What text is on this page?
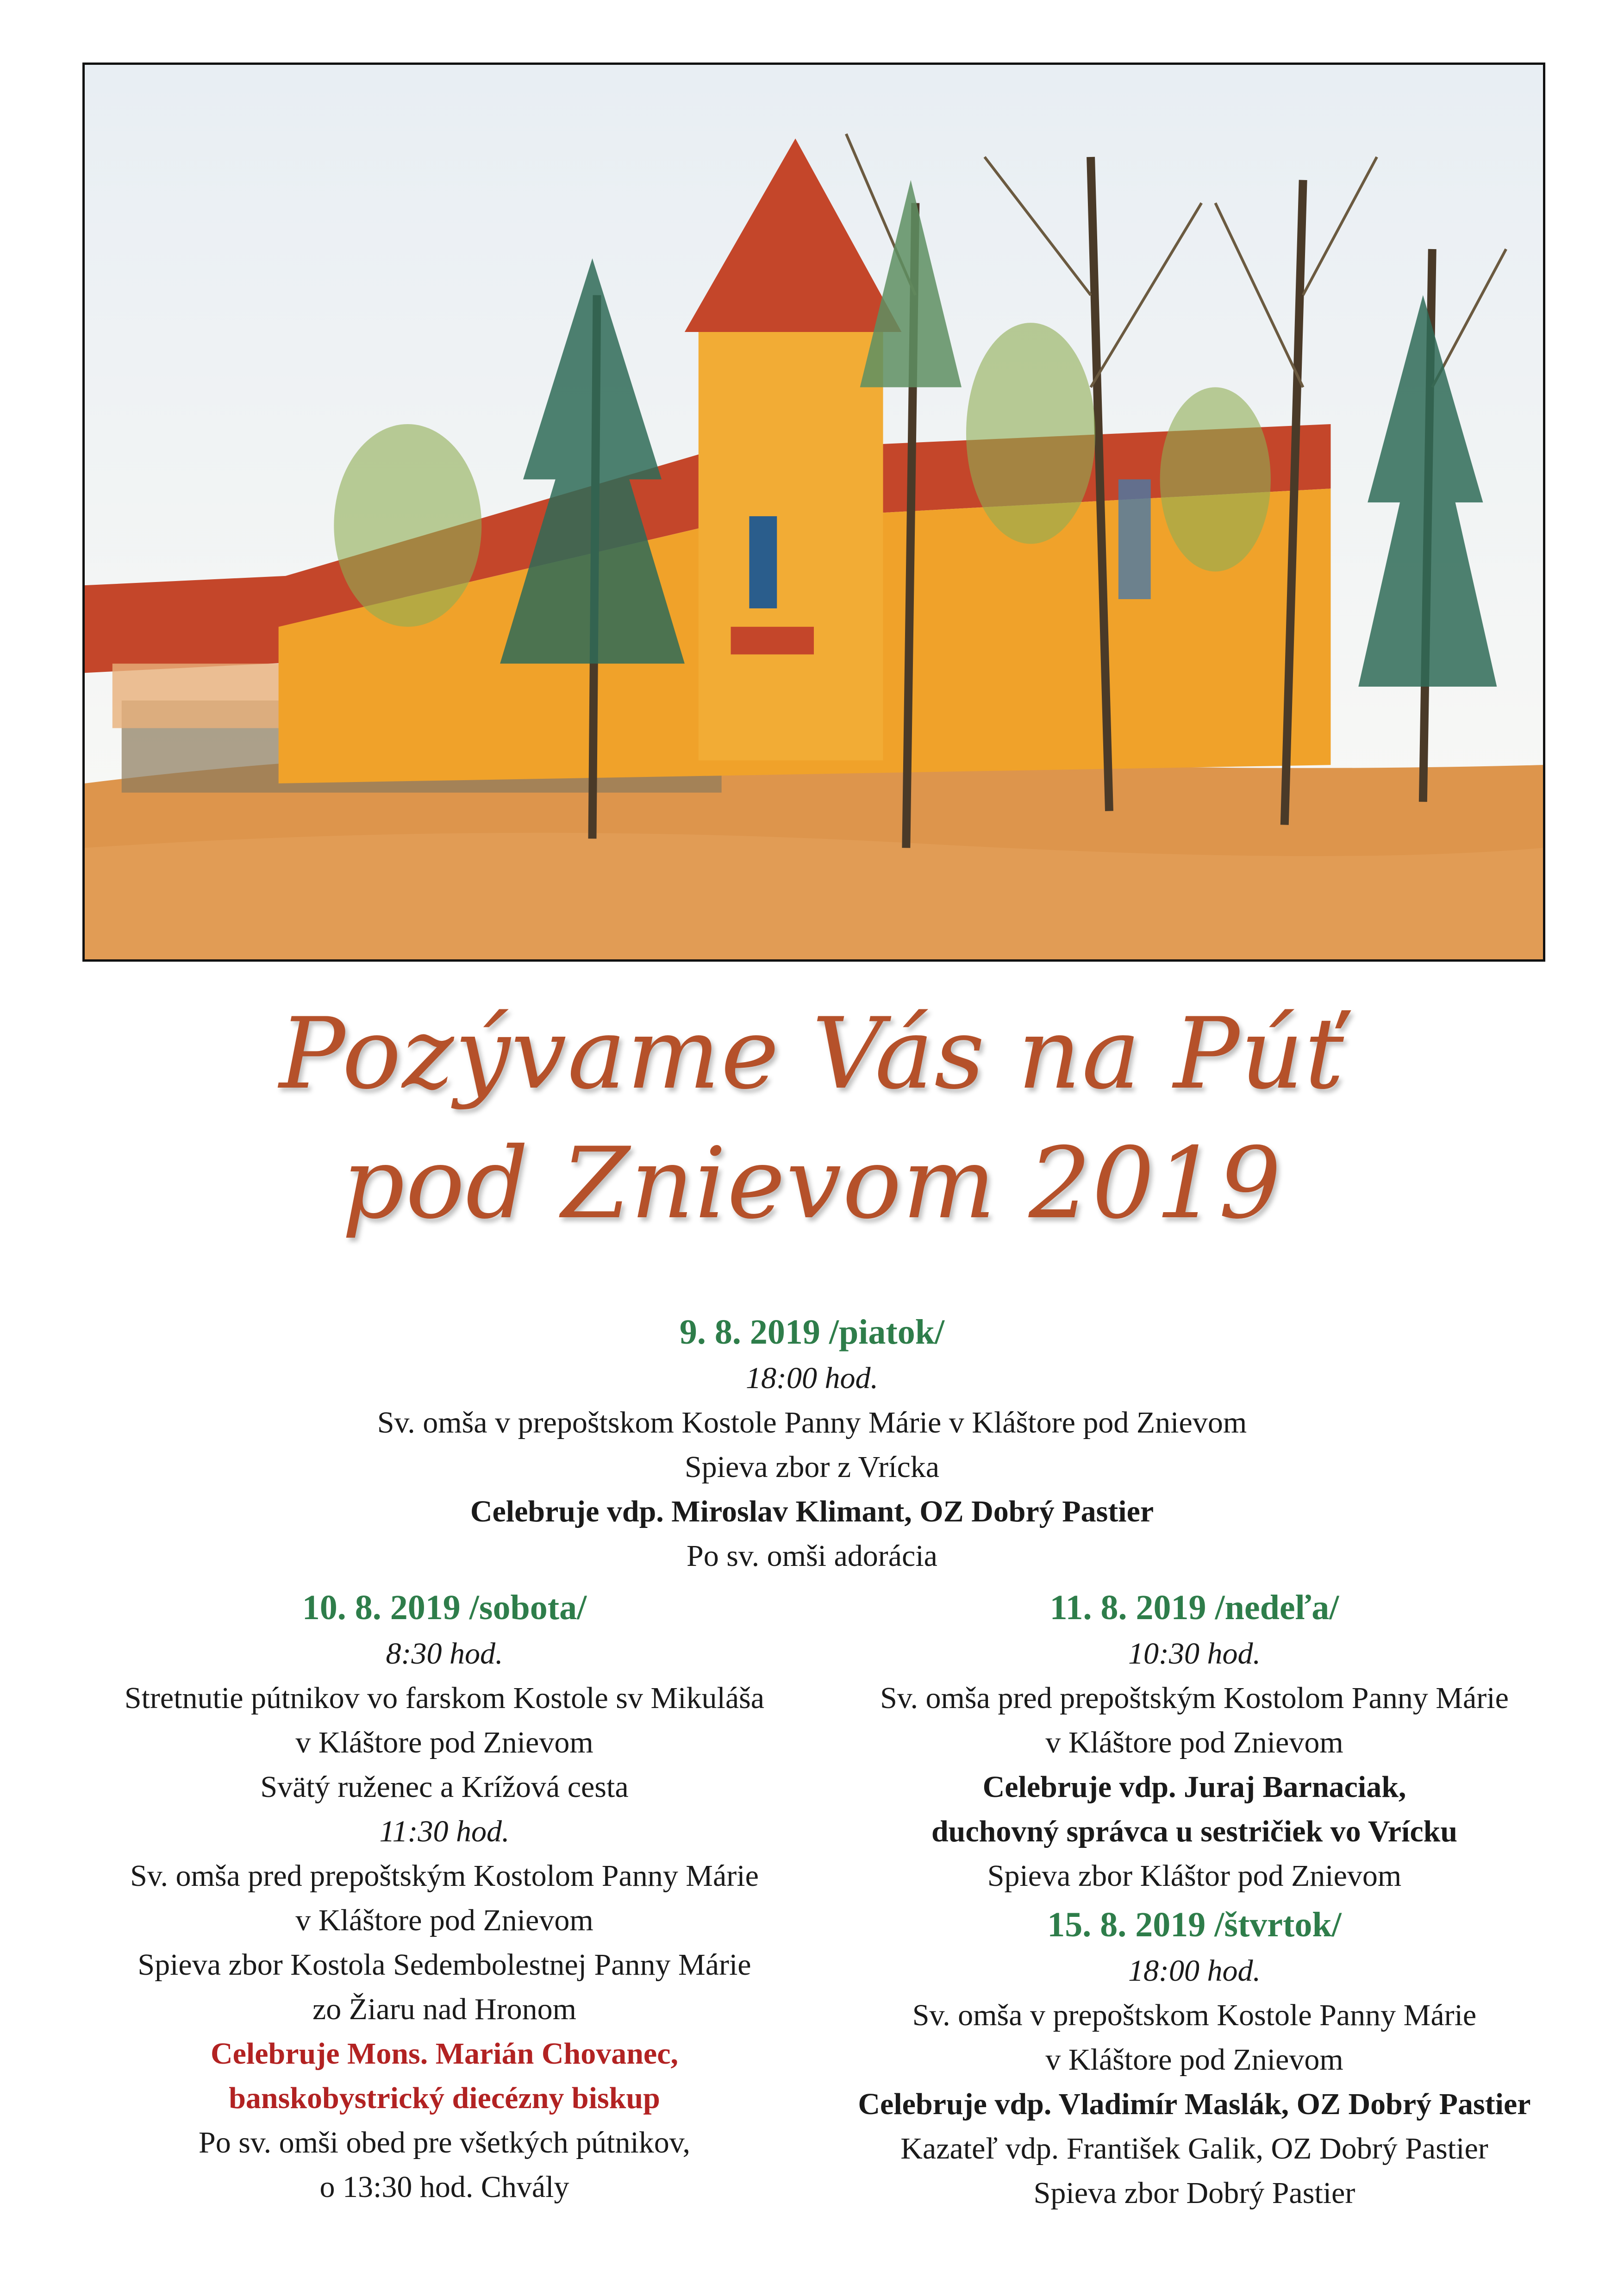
Pozývame Vás na Púť
pod Znievom 2019
9. 8. 2019 /piatok/
18:00 hod.
Sv. omša v prepoštskom Kostole Panny Márie v Kláštore pod Znievom
Spieva zbor z Vrícka
Celebruje vdp. Miroslav Klimant, OZ Dobrý Pastier
Po sv. omši adorácia
10. 8. 2019 /sobota/
8:30 hod.
Stretnutie pútnikov vo farskom Kostole sv Mikuláša
v Kláštore pod Znievom
Svätý ruženec a Krížová cesta
11:30 hod.
Sv. omša pred prepoštským Kostolom Panny Márie
v Kláštore pod Znievom
Spieva zbor Kostola Sedembolestnej Panny Márie
zo Žiaru nad Hronom
Celebruje Mons. Marián Chovanec,
banskobystrický diecézny biskup
Po sv. omši obed pre všetkých pútnikov,
o 13:30 hod. Chvály
11. 8. 2019 /nedeľa/
10:30 hod.
Sv. omša pred prepoštským Kostolom Panny Márie
v Kláštore pod Znievom
Celebruje vdp. Juraj Barnaciak,
duchovný správca u sestričiek vo Vrícku
Spieva zbor Kláštor pod Znievom
15. 8. 2019 /štvrtok/
18:00 hod.
Sv. omša v prepoštskom Kostole Panny Márie
v Kláštore pod Znievom
Celebruje vdp. Vladimír Maslák, OZ Dobrý Pastier
Kazateľ vdp. František Galik, OZ Dobrý Pastier
Spieva zbor Dobrý Pastier
